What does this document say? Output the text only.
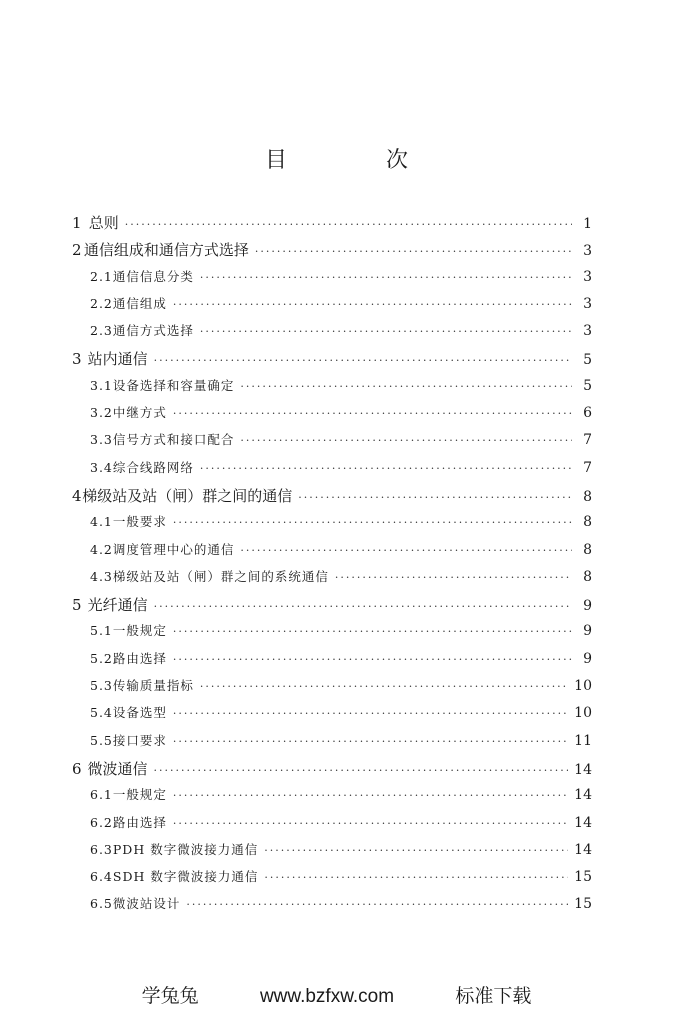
目 次
1 总则 ·····	1
2 通信组成和通信方式选择 ·····	3
2.1 通信信息分类 ·····	3
2.2 通信组成 ·····	3
2.3 通信方式选择 ·····	3
3 站内通信 ·····	5
3.1 设备选择和容量确定 ·····	5
3.2 中继方式 ·····	6
3.3 信号方式和接口配合 ·····	7
3.4 综合线路网络 ·····	7
4 梯级站及站（闸）群之间的通信 ·····	8
4.1 一般要求 ·····	8
4.2 调度管理中心的通信 ·····	8
4.3 梯级站及站（闸）群之间的系统通信 ·····	8
5 光纤通信 ·····	9
5.1 一般规定 ·····	9
5.2 路由选择 ·····	9
5.3 传输质量指标 ·····	10
5.4 设备选型 ·····	10
5.5 接口要求 ·····	11
6 微波通信 ·····	14
6.1 一般规定 ·····	14
6.2 路由选择 ·····	14
6.3 PDH 数字微波接力通信 ·····	14
6.4 SDH 数字微波接力通信 ·····	15
6.5 微波站设计 ·····	15
学兔兔	www.bzfxw.com	标准下载
